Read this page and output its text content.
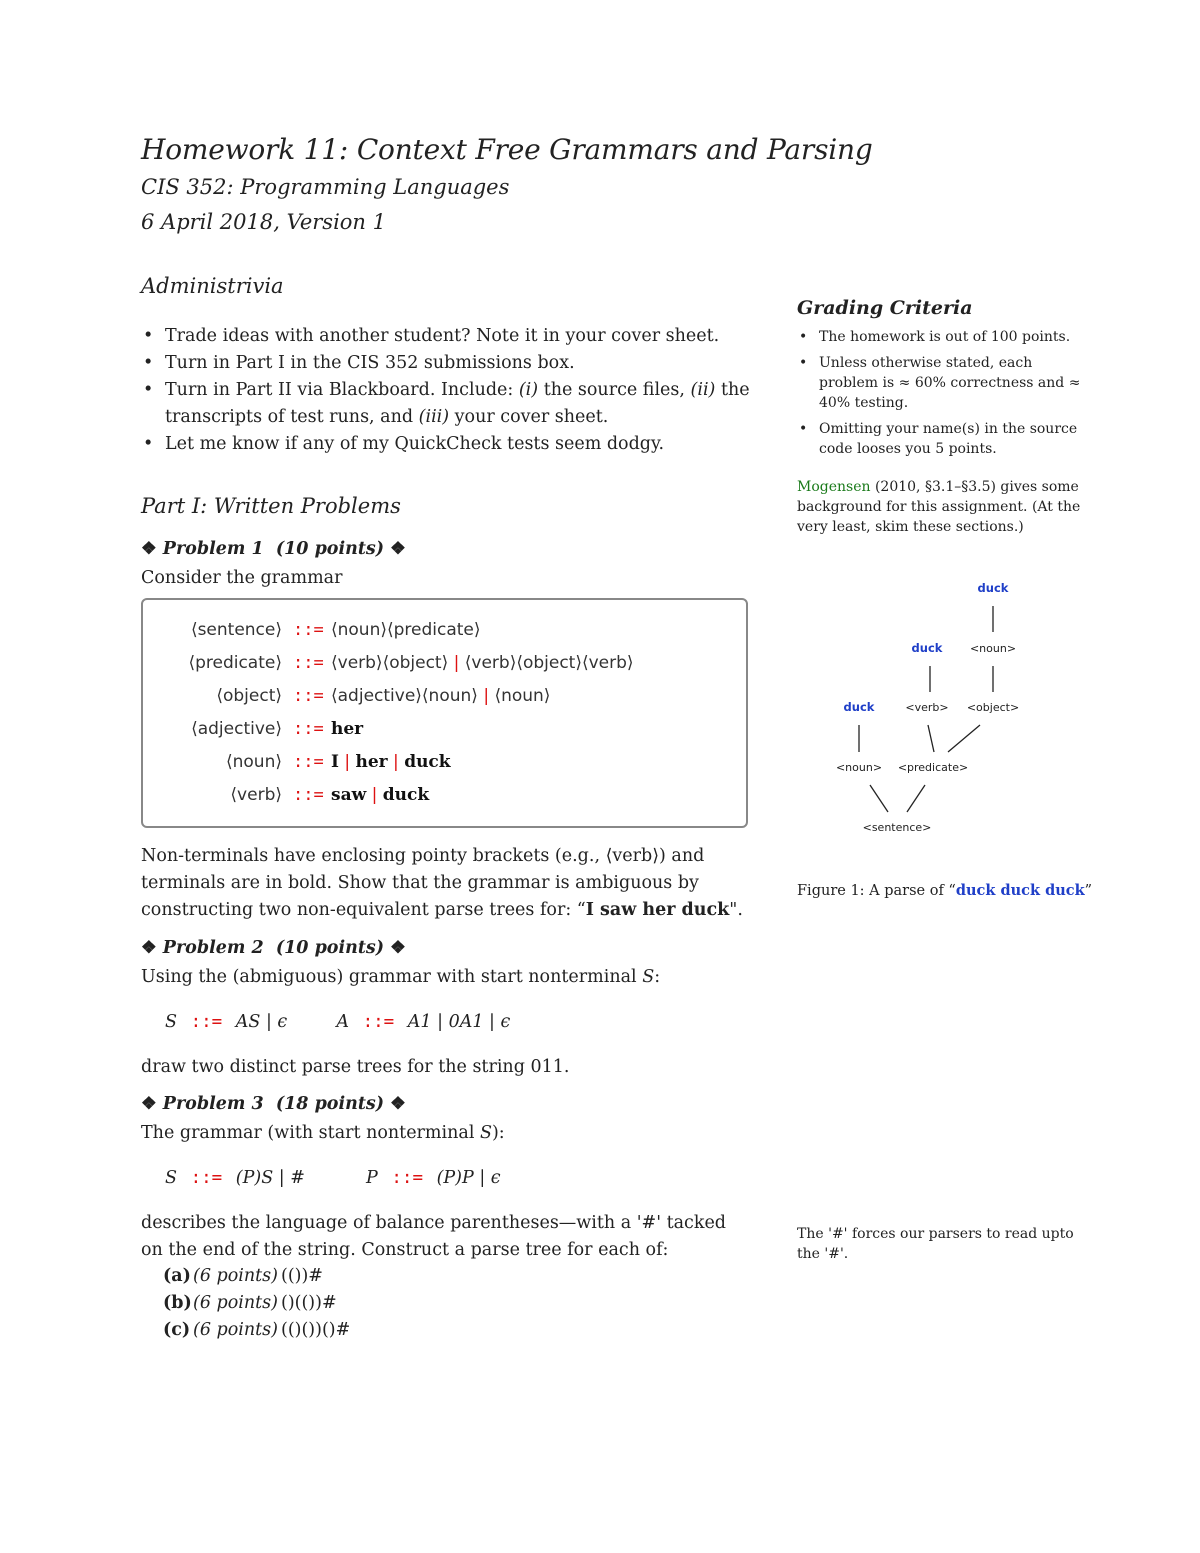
Homework 11: Context Free Grammars and Parsing
CIS 352: Programming Languages
6 April 2018, Version 1
Administrivia
• Trade ideas with another student? Note it in your cover sheet.
• Turn in Part I in the CIS 352 submissions box.
• Turn in Part II via Blackboard. Include: (i) the source files, (ii) the transcripts of test runs, and (iii) your cover sheet.
• Let me know if any of my QuickCheck tests seem dodgy.
Part I: Written Problems
❖ Problem 1 (10 points) ❖
Consider the grammar
⟨sentence⟩ ::= ⟨noun⟩⟨predicate⟩
⟨predicate⟩ ::= ⟨verb⟩⟨object⟩ | ⟨verb⟩⟨object⟩⟨verb⟩
⟨object⟩ ::= ⟨adjective⟩⟨noun⟩ | ⟨noun⟩
⟨adjective⟩ ::= her
⟨noun⟩ ::= I | her | duck
⟨verb⟩ ::= saw | duck
Non-terminals have enclosing pointy brackets (e.g., ⟨verb⟩) and terminals are in bold. Show that the grammar is ambiguous by constructing two non-equivalent parse trees for: “I saw her duck".
❖ Problem 2 (10 points) ❖
Using the (abmiguous) grammar with start nonterminal S:
S ::= AS | ϵ	A ::= A1 | 0A1 | ϵ
draw two distinct parse trees for the string 011.
❖ Problem 3 (18 points) ❖
The grammar (with start nonterminal S):
S ::= (P)S | #	P ::= (P)P | ϵ
describes the language of balance parentheses—with a '#' tacked on the end of the string. Construct a parse tree for each of:
(a) (6 points) (())#
(b)(6 points) ()(())#
(c) (6 points) (()())()#
Grading Criteria
• The homework is out of 100 points.
• Unless otherwise stated, each problem is ≈ 60% correctness and ≈ 40% testing.
• Omitting your name(s) in the source code looses you 5 points.
Mogensen (2010, §3.1–§3.5) gives some background for this assignment. (At the very least, skim these sections.)
duck
duck	<noun>
duck	<verb> <object>
<noun> <predicate>
<sentence>
Figure 1: A parse of “duck duck duck”
The '#' forces our parsers to read upto the '#'.
